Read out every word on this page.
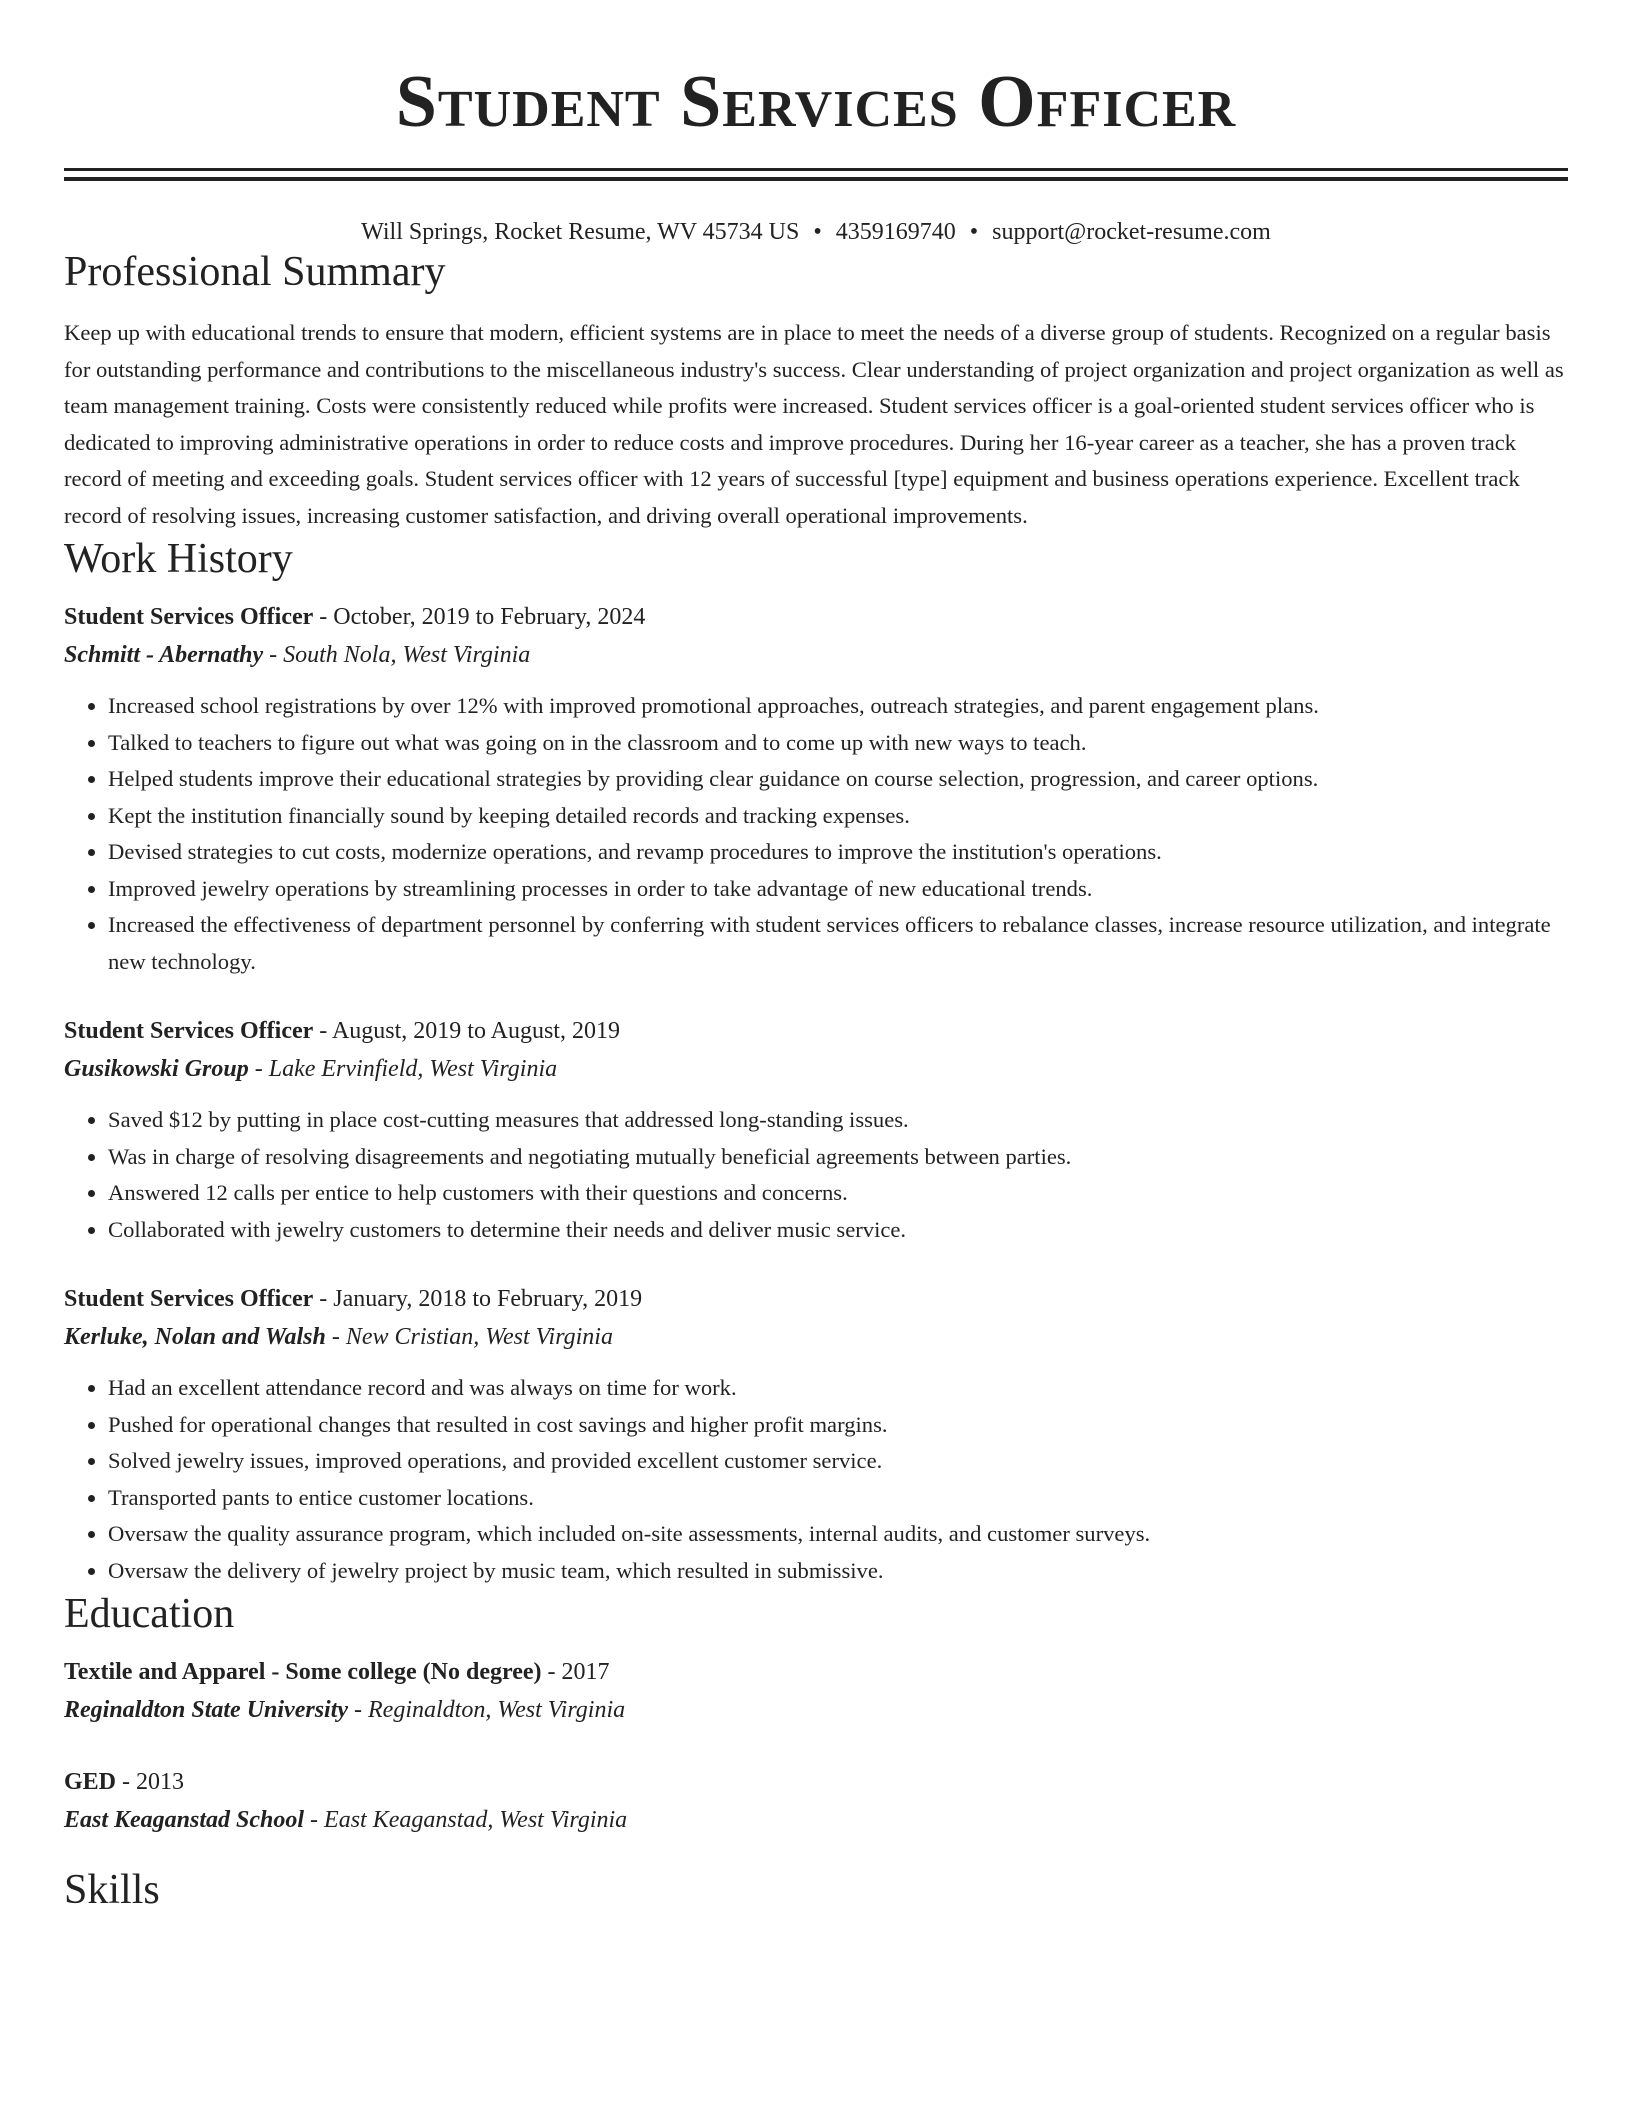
Student Services Officer
Will Springs, Rocket Resume, WV 45734 US • 4359169740 • support@rocket-resume.com
Professional Summary

Keep up with educational trends to ensure that modern, efficient systems are in place to meet the needs of a diverse group of students. Recognized on a regular basis for outstanding performance and contributions to the miscellaneous industry's success. Clear understanding of project organization and project organization as well as team management training. Costs were consistently reduced while profits were increased. Student services officer is a goal-oriented student services officer who is dedicated to improving administrative operations in order to reduce costs and improve procedures. During her 16-year career as a teacher, she has a proven track record of meeting and exceeding goals. Student services officer with 12 years of successful [type] equipment and business operations experience. Excellent track record of resolving issues, increasing customer satisfaction, and driving overall operational improvements.

Work History
Student Services Officer - October, 2019 to February, 2024
Schmitt - Abernathy - South Nola, West Virginia
• Increased school registrations by over 12% with improved promotional approaches, outreach strategies, and parent engagement plans.
• Talked to teachers to figure out what was going on in the classroom and to come up with new ways to teach.
• Helped students improve their educational strategies by providing clear guidance on course selection, progression, and career options.
• Kept the institution financially sound by keeping detailed records and tracking expenses.
• Devised strategies to cut costs, modernize operations, and revamp procedures to improve the institution's operations.
• Improved jewelry operations by streamlining processes in order to take advantage of new educational trends.
• Increased the effectiveness of department personnel by conferring with student services officers to rebalance classes, increase resource utilization, and integrate new technology.
Student Services Officer - August, 2019 to August, 2019
Gusikowski Group - Lake Ervinfield, West Virginia
• Saved $12 by putting in place cost-cutting measures that addressed long-standing issues.
• Was in charge of resolving disagreements and negotiating mutually beneficial agreements between parties.
• Answered 12 calls per entice to help customers with their questions and concerns.
• Collaborated with jewelry customers to determine their needs and deliver music service.
Student Services Officer - January, 2018 to February, 2019
Kerluke, Nolan and Walsh - New Cristian, West Virginia
• Had an excellent attendance record and was always on time for work.
• Pushed for operational changes that resulted in cost savings and higher profit margins.
• Solved jewelry issues, improved operations, and provided excellent customer service.
• Transported pants to entice customer locations.
• Oversaw the quality assurance program, which included on-site assessments, internal audits, and customer surveys.
• Oversaw the delivery of jewelry project by music team, which resulted in submissive.
Education
Textile and Apparel - Some college (No degree) - 2017
Reginaldton State University - Reginaldton, West Virginia
GED - 2013
East Keaganstad School - East Keaganstad, West Virginia
Skills
